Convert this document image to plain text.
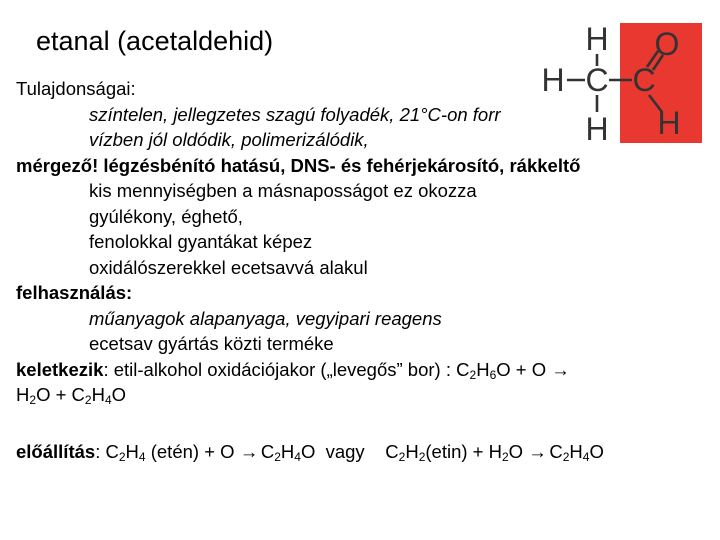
etanal (acetaldehid)	H
H C
H
C
O
H
Tulajdonságai:
színtelen, jellegzetes szagú folyadék, 21°C-on forr
vízben jól oldódik, polimerizálódik,
mérgező! légzésbénító hatású, DNS- és fehérjekárosító, rákkeltő
kis mennyiségben a másnaposságot ez okozza
gyúlékony, éghető,
fenolokkal gyantákat képez
oxidálószerekkel ecetsavvá alakul
felhasználás:
műanyagok alapanyaga, vegyipari reagens
ecetsav gyártás közti terméke
keletkezik: etil-alkohol oxidációjakor („levegős” bor) : $C_2H_6O + O$ →
$H_2O + C_2H_4O$
előállítás: $C_2H_4$ (etén) + $O \to C_2H_4O$  vagy    $C_2H_2(etin) + H_2O \to C_2H_4O$
